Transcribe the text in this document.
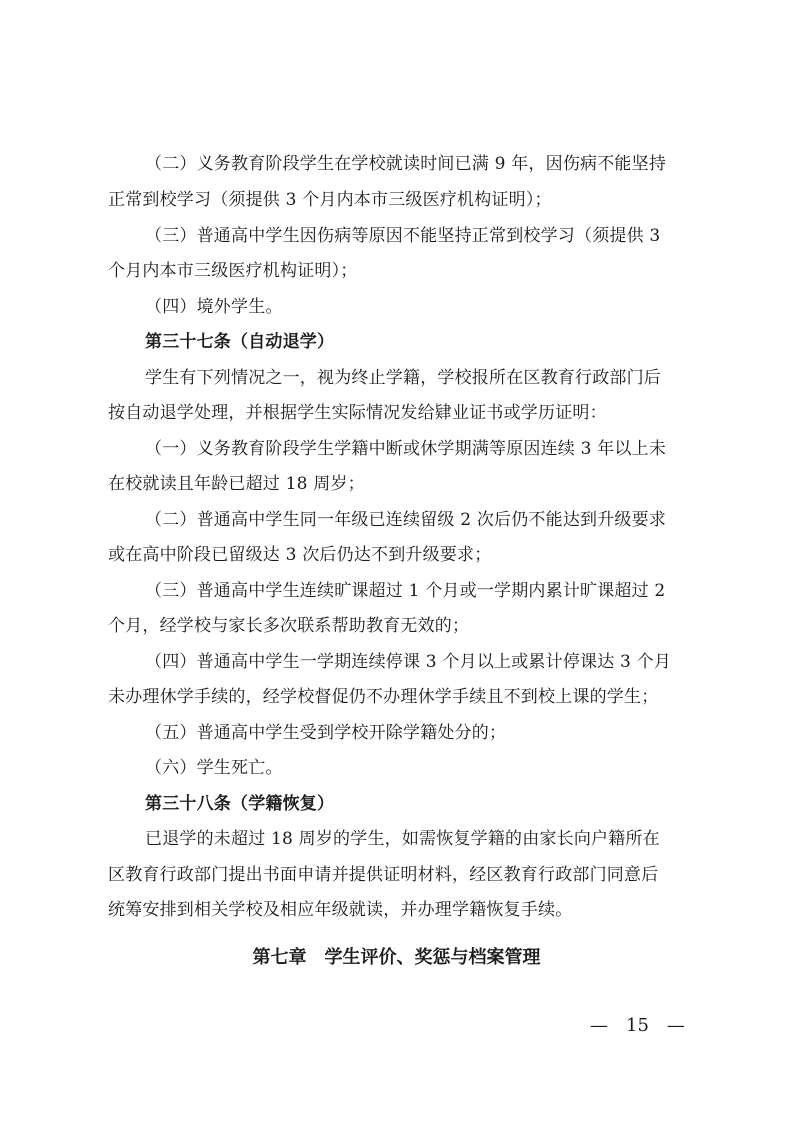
（二）义务教育阶段学生在学校就读时间已满 9 年，因伤病不能坚持
正常到校学习（须提供 3 个月内本市三级医疗机构证明）；
（三）普通高中学生因伤病等原因不能坚持正常到校学习（须提供 3
个月内本市三级医疗机构证明）；
（四）境外学生。
第三十七条（自动退学）
学生有下列情况之一，视为终止学籍，学校报所在区教育行政部门后
按自动退学处理，并根据学生实际情况发给肄业证书或学历证明：
（一）义务教育阶段学生学籍中断或休学期满等原因连续 3 年以上未
在校就读且年龄已超过 18 周岁；
（二）普通高中学生同一年级已连续留级 2 次后仍不能达到升级要求
或在高中阶段已留级达 3 次后仍达不到升级要求；
（三）普通高中学生连续旷课超过 1 个月或一学期内累计旷课超过 2
个月，经学校与家长多次联系帮助教育无效的；
（四）普通高中学生一学期连续停课 3 个月以上或累计停课达 3 个月
未办理休学手续的，经学校督促仍不办理休学手续且不到校上课的学生；
（五）普通高中学生受到学校开除学籍处分的；
（六）学生死亡。
第三十八条（学籍恢复）
已退学的未超过 18 周岁的学生，如需恢复学籍的由家长向户籍所在
区教育行政部门提出书面申请并提供证明材料，经区教育行政部门同意后
统筹安排到相关学校及相应年级就读，并办理学籍恢复手续。
第七章　学生评价、奖惩与档案管理
—　15　—
